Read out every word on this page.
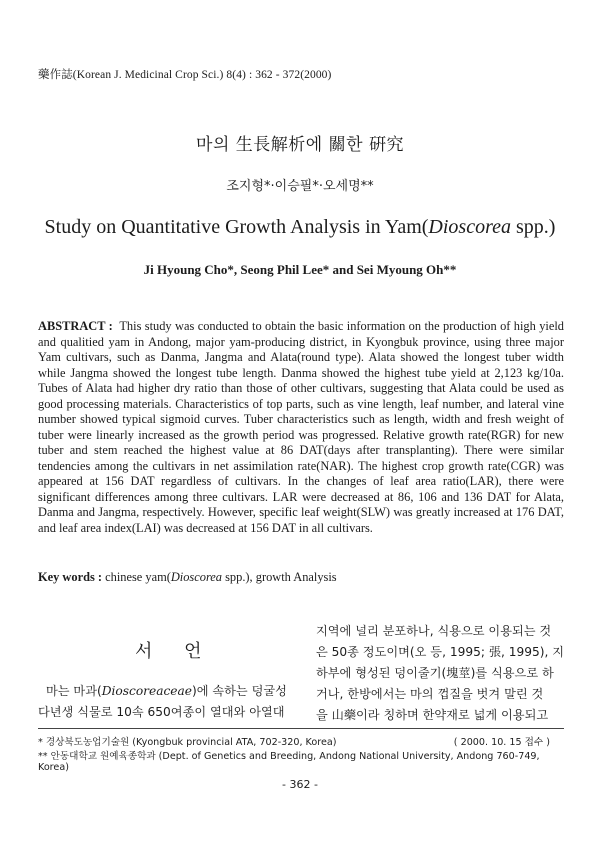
藥作誌(Korean J. Medicinal Crop Sci.) 8(4) : 362 - 372(2000)
마의 生長解析에 關한 硏究
조지형*·이승필*·오세명**
Study on Quantitative Growth Analysis in Yam(Dioscorea spp.)
Ji Hyoung Cho*, Seong Phil Lee* and Sei Myoung Oh**
ABSTRACT : This study was conducted to obtain the basic information on the production of high yield and qualitied yam in Andong, major yam-producing district, in Kyongbuk province, using three major Yam cultivars, such as Danma, Jangma and Alata(round type). Alata showed the longest tuber width while Jangma showed the longest tube length. Danma showed the highest tube yield at 2,123 kg/10a. Tubes of Alata had higher dry ratio than those of other cultivars, suggesting that Alata could be used as good processing materials. Characteristics of top parts, such as vine length, leaf number, and lateral vine number showed typical sigmoid curves. Tuber characteristics such as length, width and fresh weight of tuber were linearly increased as the growth period was progressed. Relative growth rate(RGR) for new tuber and stem reached the highest value at 86 DAT(days after transplanting). There were similar tendencies among the cultivars in net assimilation rate(NAR). The highest crop growth rate(CGR) was appeared at 156 DAT regardless of cultivars. In the changes of leaf area ratio(LAR), there were significant differences among three cultivars. LAR were decreased at 86, 106 and 136 DAT for Alata, Danma and Jangma, respectively. However, specific leaf weight(SLW) was greatly increased at 176 DAT, and leaf area index(LAI) was decreased at 156 DAT in all cultivars.
Key words : chinese yam(Dioscorea spp.), growth Analysis
서 언
마는 마과(Dioscoreaceae)에 속하는 덩굴성
다년생 식물로 10속 650여종이 열대와 아열대
지역에 널리 분포하나, 식용으로 이용되는 것
은 50종 정도이며(오 등, 1995; 張, 1995), 지
하부에 형성된 덩이줄기(塊莖)를 식용으로 하
거나, 한방에서는 마의 껍질을 벗겨 말린 것
을 山藥이라 칭하며 한약재로 넓게 이용되고
* 경상북도농업기술원 (Kyongbuk provincial ATA, 702-320, Korea)	( 2000. 10. 15 접수 )
** 안동대학교 원예육종학과 (Dept. of Genetics and Breeding, Andong National University, Andong 760-749, Korea)
- 362 -
